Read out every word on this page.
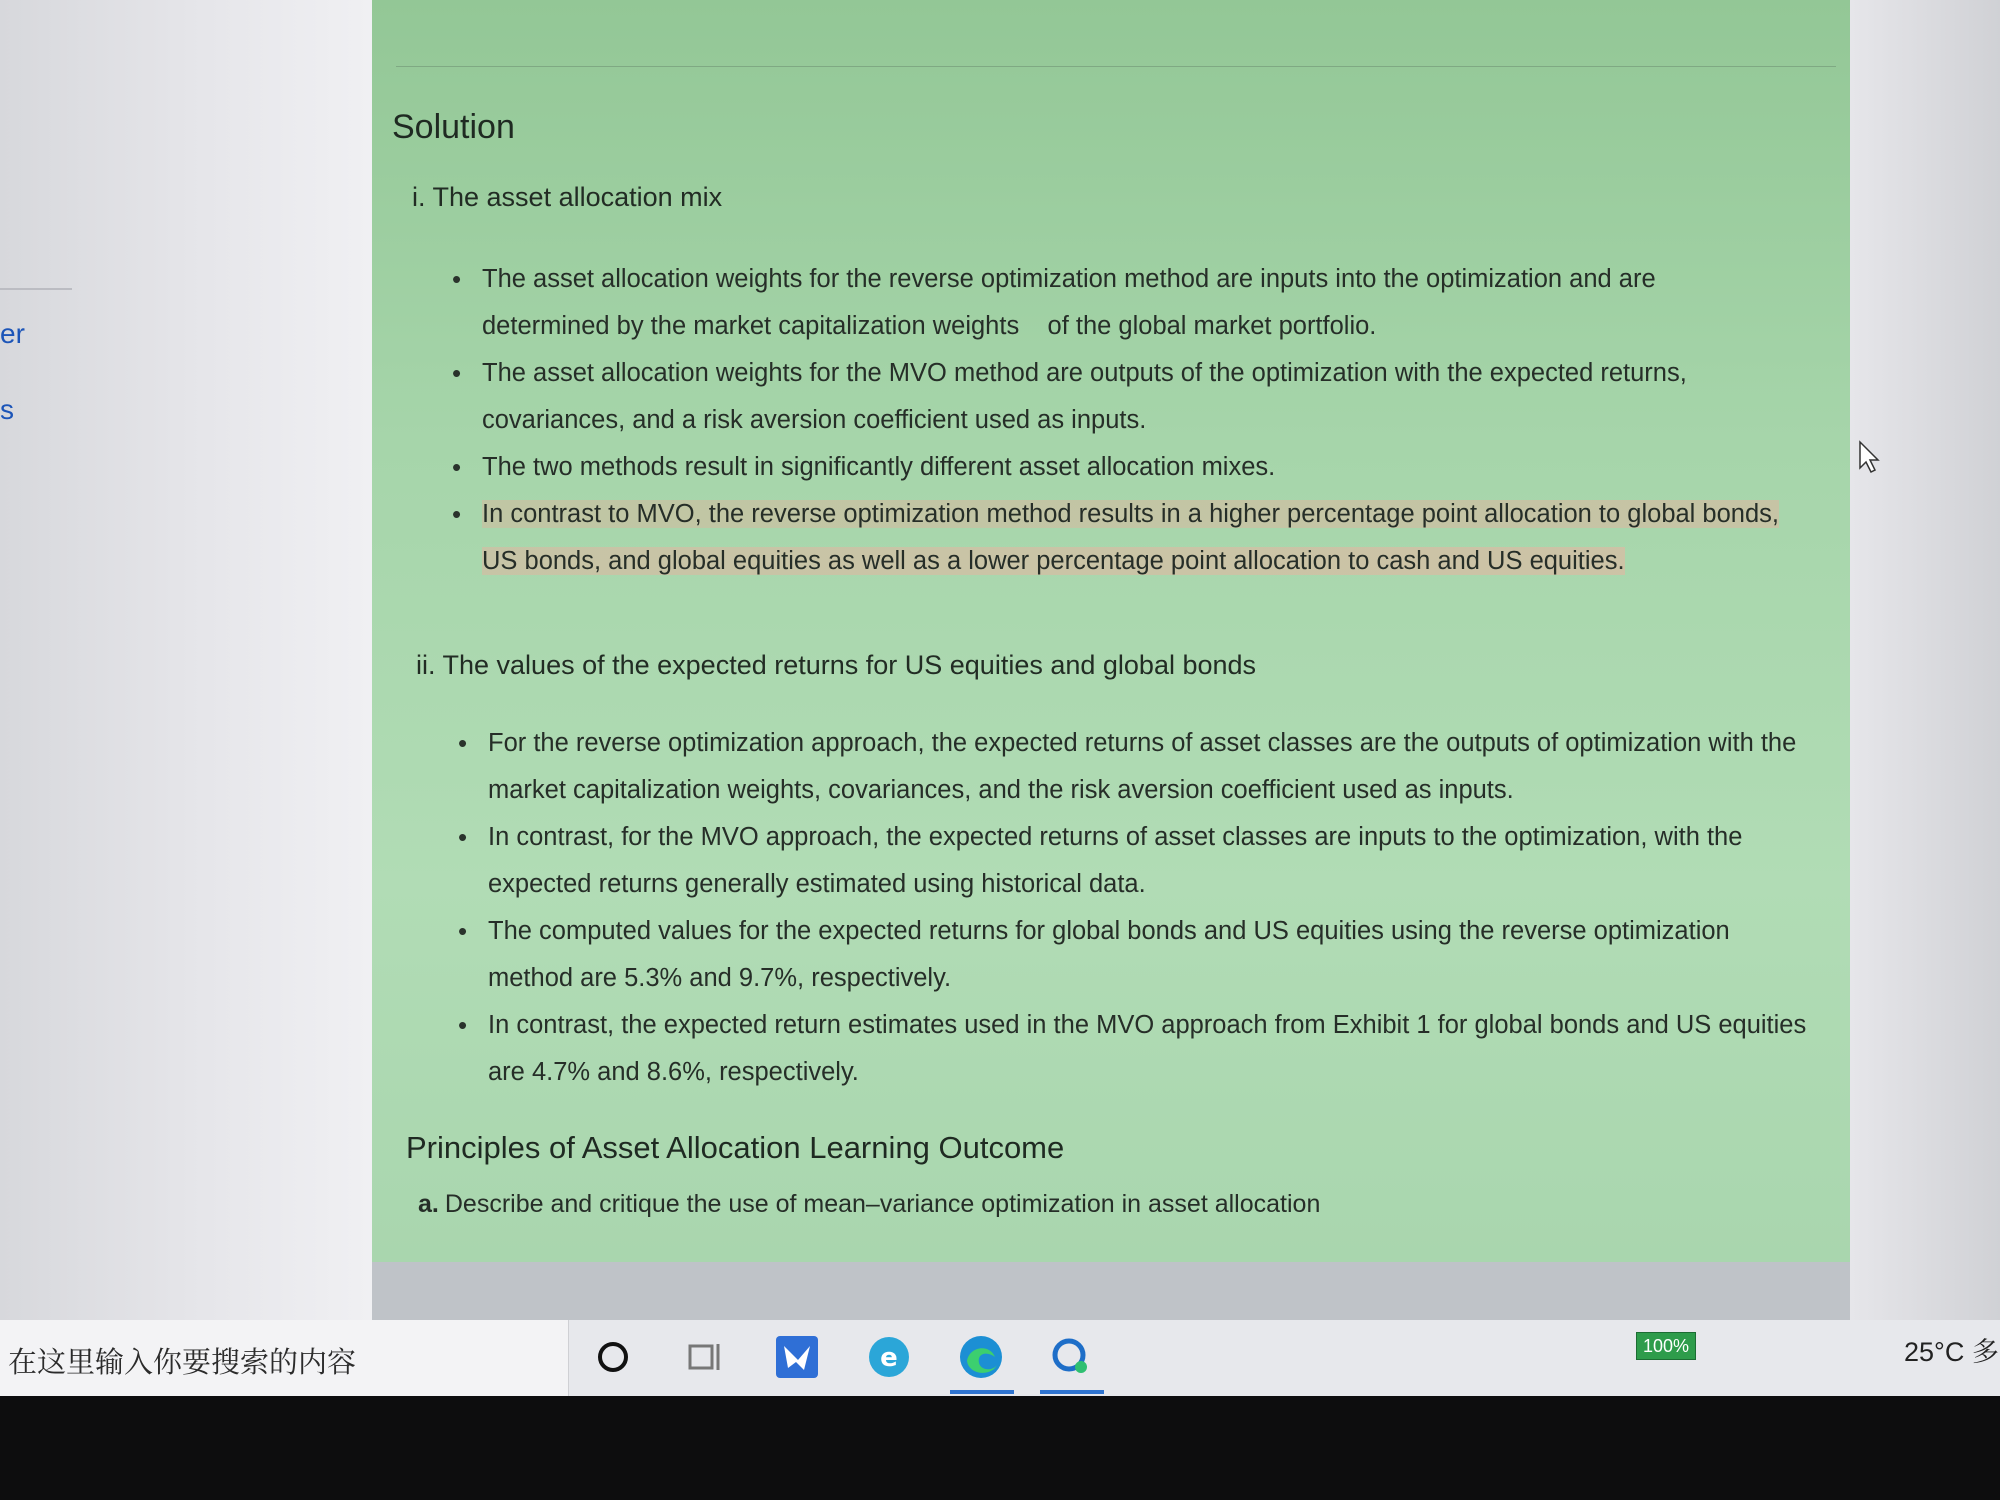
er
s
Solution
i. The asset allocation mix
• The asset allocation weights for the reverse optimization method are inputs into the optimization and are determined by the market capitalization weights    of the global market portfolio.
• The asset allocation weights for the MVO method are outputs of the optimization with the expected returns, covariances, and a risk aversion coefficient used as inputs.
• The two methods result in significantly different asset allocation mixes.
• In contrast to MVO, the reverse optimization method results in a higher percentage point allocation to global bonds, US bonds, and global equities as well as a lower percentage point allocation to cash and US equities.
ii. The values of the expected returns for US equities and global bonds
• For the reverse optimization approach, the expected returns of asset classes are the outputs of optimization with the market capitalization weights, covariances, and the risk aversion coefficient used as inputs.
• In contrast, for the MVO approach, the expected returns of asset classes are inputs to the optimization, with the expected returns generally estimated using historical data.
• The computed values for the expected returns for global bonds and US equities using the reverse optimization method are 5.3% and 9.7%, respectively.
• In contrast, the expected return estimates used in the MVO approach from Exhibit 1 for global bonds and US equities are 4.7% and 8.6%, respectively.
Principles of Asset Allocation Learning Outcome
a. Describe and critique the use of mean–variance optimization in asset allocation
在这里输入你要搜索的内容	e	100%	25°C 多
